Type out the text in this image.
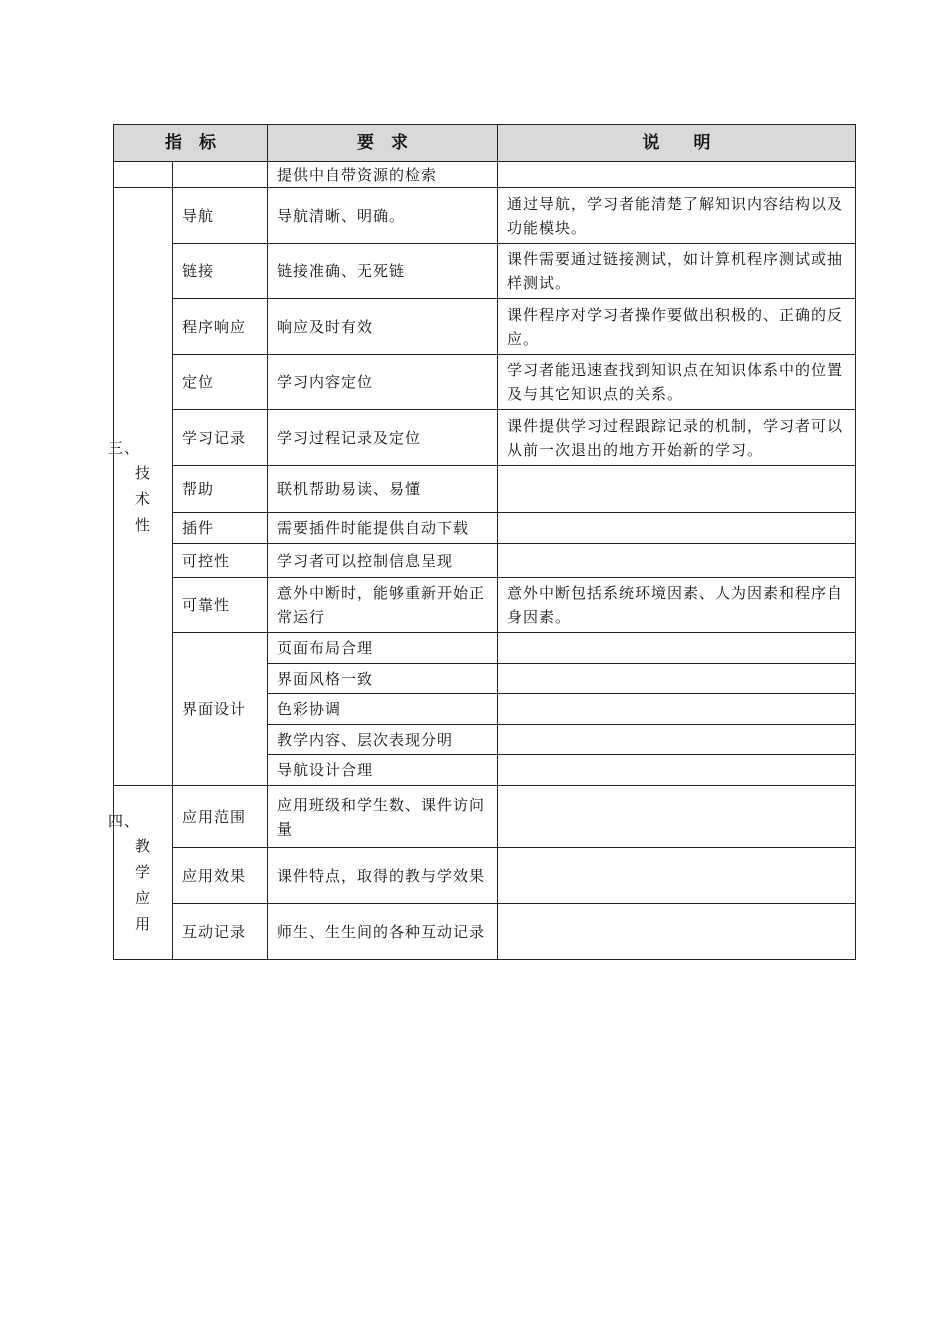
指　标		要　求	说　　明
		提供中自带资源的检索	

三、
技术性	导航	导航清晰、明确。	通过导航，学习者能清楚了解知识内容结构以及功能模块。
	链接	链接准确、无死链	课件需要通过链接测试，如计算机程序测试或抽样测试。
	程序响应	响应及时有效	课件程序对学习者操作要做出积极的、正确的反应。
	定位	学习内容定位	学习者能迅速查找到知识点在知识体系中的位置及与其它知识点的关系。
	学习记录	学习过程记录及定位	课件提供学习过程跟踪记录的机制，学习者可以从前一次退出的地方开始新的学习。
	帮助	联机帮助易读、易懂	
	插件	需要插件时能提供自动下载	
	可控性	学习者可以控制信息呈现	
	可靠性	意外中断时，能够重新开始正常运行	意外中断包括系统环境因素、人为因素和程序自身因素。
	界面设计	页面布局合理	
		界面风格一致	
		色彩协调	
		教学内容、层次表现分明	
		导航设计合理	

四、
教学应用	应用范围	应用班级和学生数、课件访问量	
	应用效果	课件特点，取得的教与学效果	
	互动记录	师生、生生间的各种互动记录	
